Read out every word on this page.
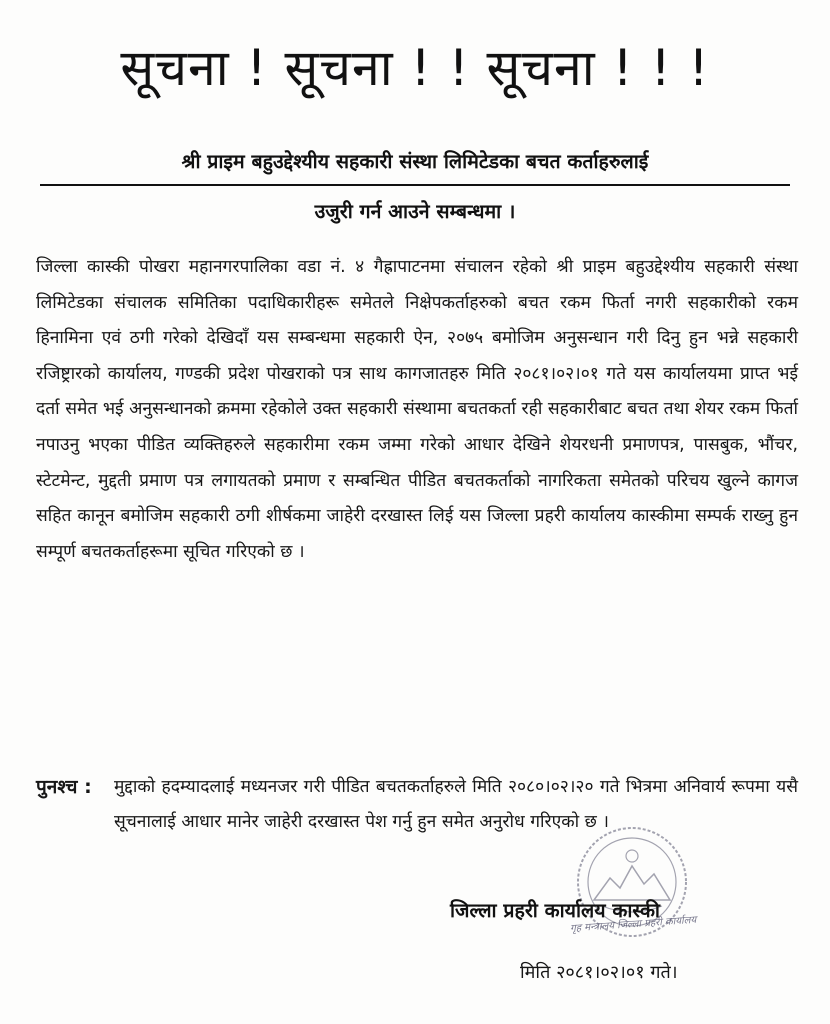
सूचना ! सूचना ! ! सूचना ! ! !
श्री प्राइम बहुउद्देश्यीय सहकारी संस्था लिमिटेडका बचत कर्ताहरुलाई
उजुरी गर्न आउने सम्बन्धमा ।

जिल्ला कास्की पोखरा महानगरपालिका वडा नं. ४ गैह्रापाटनमा संचालन रहेको श्री प्राइम बहुउद्देश्यीय सहकारी संस्था लिमिटेडका संचालक समितिका पदाधिकारीहरू समेतले निक्षेपकर्ताहरुको बचत रकम फिर्ता नगरी सहकारीको रकम हिनामिना एवं ठगी गरेको देखिदाँ यस सम्बन्धमा सहकारी ऐन, २०७५ बमोजिम अनुसन्धान गरी दिनु हुन भन्ने सहकारी रजिष्ट्रारको कार्यालय, गण्डकी प्रदेश पोखराको पत्र साथ कागजातहरु मिति २०८१।०२।०१ गते यस कार्यालयमा प्राप्त भई दर्ता समेत भई अनुसन्धानको क्रममा रहेकोले उक्त सहकारी संस्थामा बचतकर्ता रही सहकारीबाट बचत तथा शेयर रकम फिर्ता नपाउनु भएका पीडित व्यक्तिहरुले सहकारीमा रकम जम्मा गरेको आधार देखिने शेयरधनी प्रमाणपत्र, पासबुक, भौंचर, स्टेटमेन्ट, मुद्दती प्रमाण पत्र लगायतको प्रमाण र सम्बन्धित पीडित बचतकर्ताको नागरिकता समेतको परिचय खुल्ने कागज सहित कानून बमोजिम सहकारी ठगी शीर्षकमा जाहेरी दरखास्त लिई यस जिल्ला प्रहरी कार्यालय कास्कीमा सम्पर्क राख्नु हुन सम्पूर्ण बचतकर्ताहरूमा सूचित गरिएको छ ।

पुनश्च : मुद्दाको हदम्यादलाई मध्यनजर गरी पीडित बचतकर्ताहरुले मिति २०८०।०२।२० गते भित्रमा अनिवार्य रूपमा यसै सूचनालाई आधार मानेर जाहेरी दरखास्त पेश गर्नु हुन समेत अनुरोध गरिएको छ ।
जिल्ला प्रहरी कार्यालय कास्की
गृह मन्त्रालय जिल्ला प्रहरी कार्यालय
मिति २०८१।०२।०१ गते।
